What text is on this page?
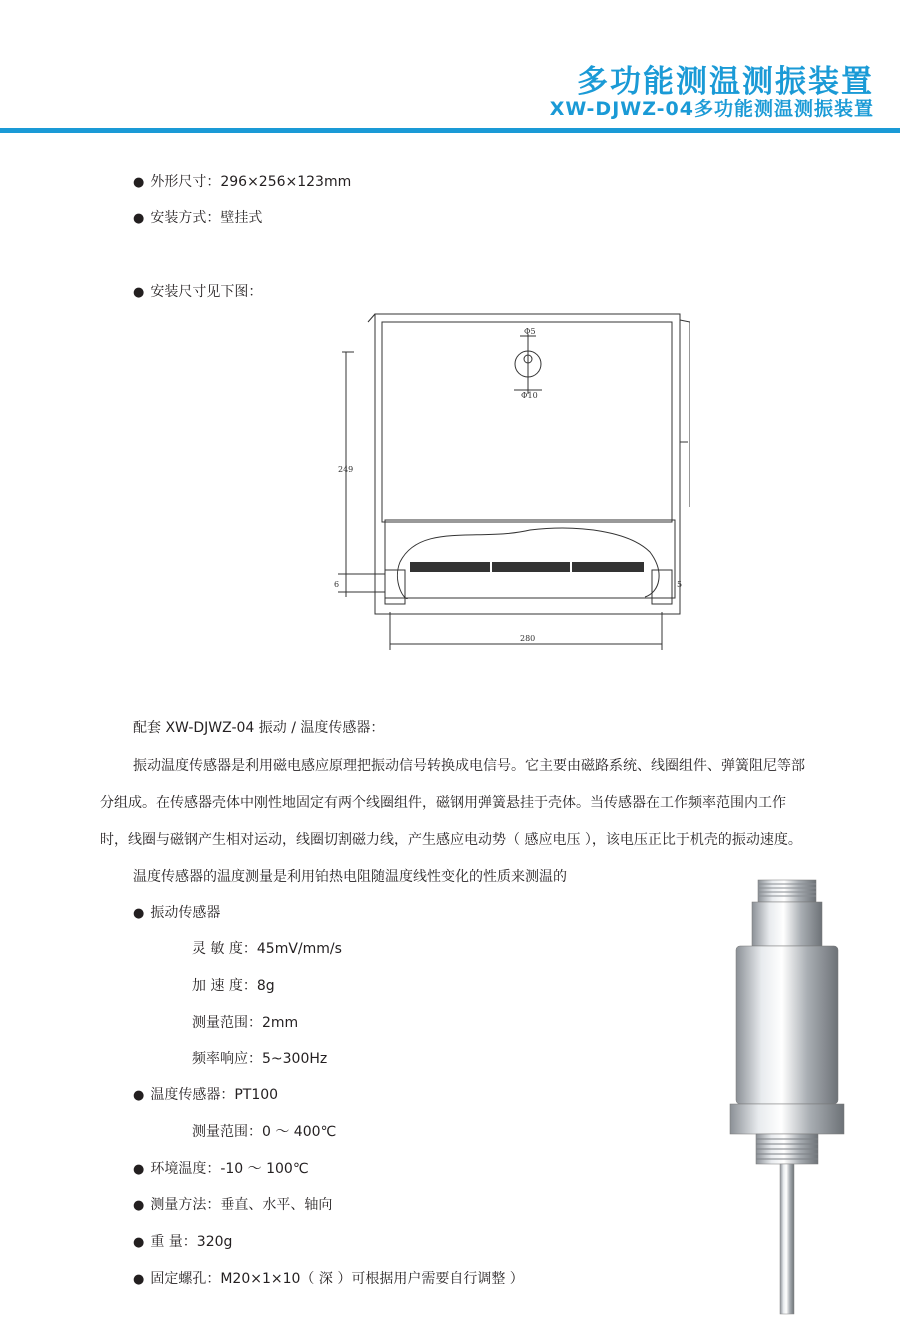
多功能测温测振装置
XW-DJWZ-04多功能测温测振装置
● 外形尺寸：296×256×123mm
● 安装方式：壁挂式
● 安装尺寸见下图：
Φ5
Φ10
249
280
6	5
配套 XW-DJWZ-04 振动 / 温度传感器：
振动温度传感器是利用磁电感应原理把振动信号转换成电信号。它主要由磁路系统、线圈组件、弹簧阻尼等部
分组成。在传感器壳体中刚性地固定有两个线圈组件，磁钢用弹簧悬挂于壳体。当传感器在工作频率范围内工作
时，线圈与磁钢产生相对运动，线圈切割磁力线，产生感应电动势（ 感应电压 ），该电压正比于机壳的振动速度。
温度传感器的温度测量是利用铂热电阻随温度线性变化的性质来测温的
● 振动传感器
灵 敏 度：45mV/mm/s
加 速 度：8g
测量范围：2mm
频率响应：5~300Hz
● 温度传感器：PT100
测量范围：0 ～ 400℃
● 环境温度：-10 ～ 100℃
● 测量方法：垂直、水平、轴向
● 重 量：320g
● 固定螺孔：M20×1×10（ 深 ）可根据用户需要自行调整 ）
